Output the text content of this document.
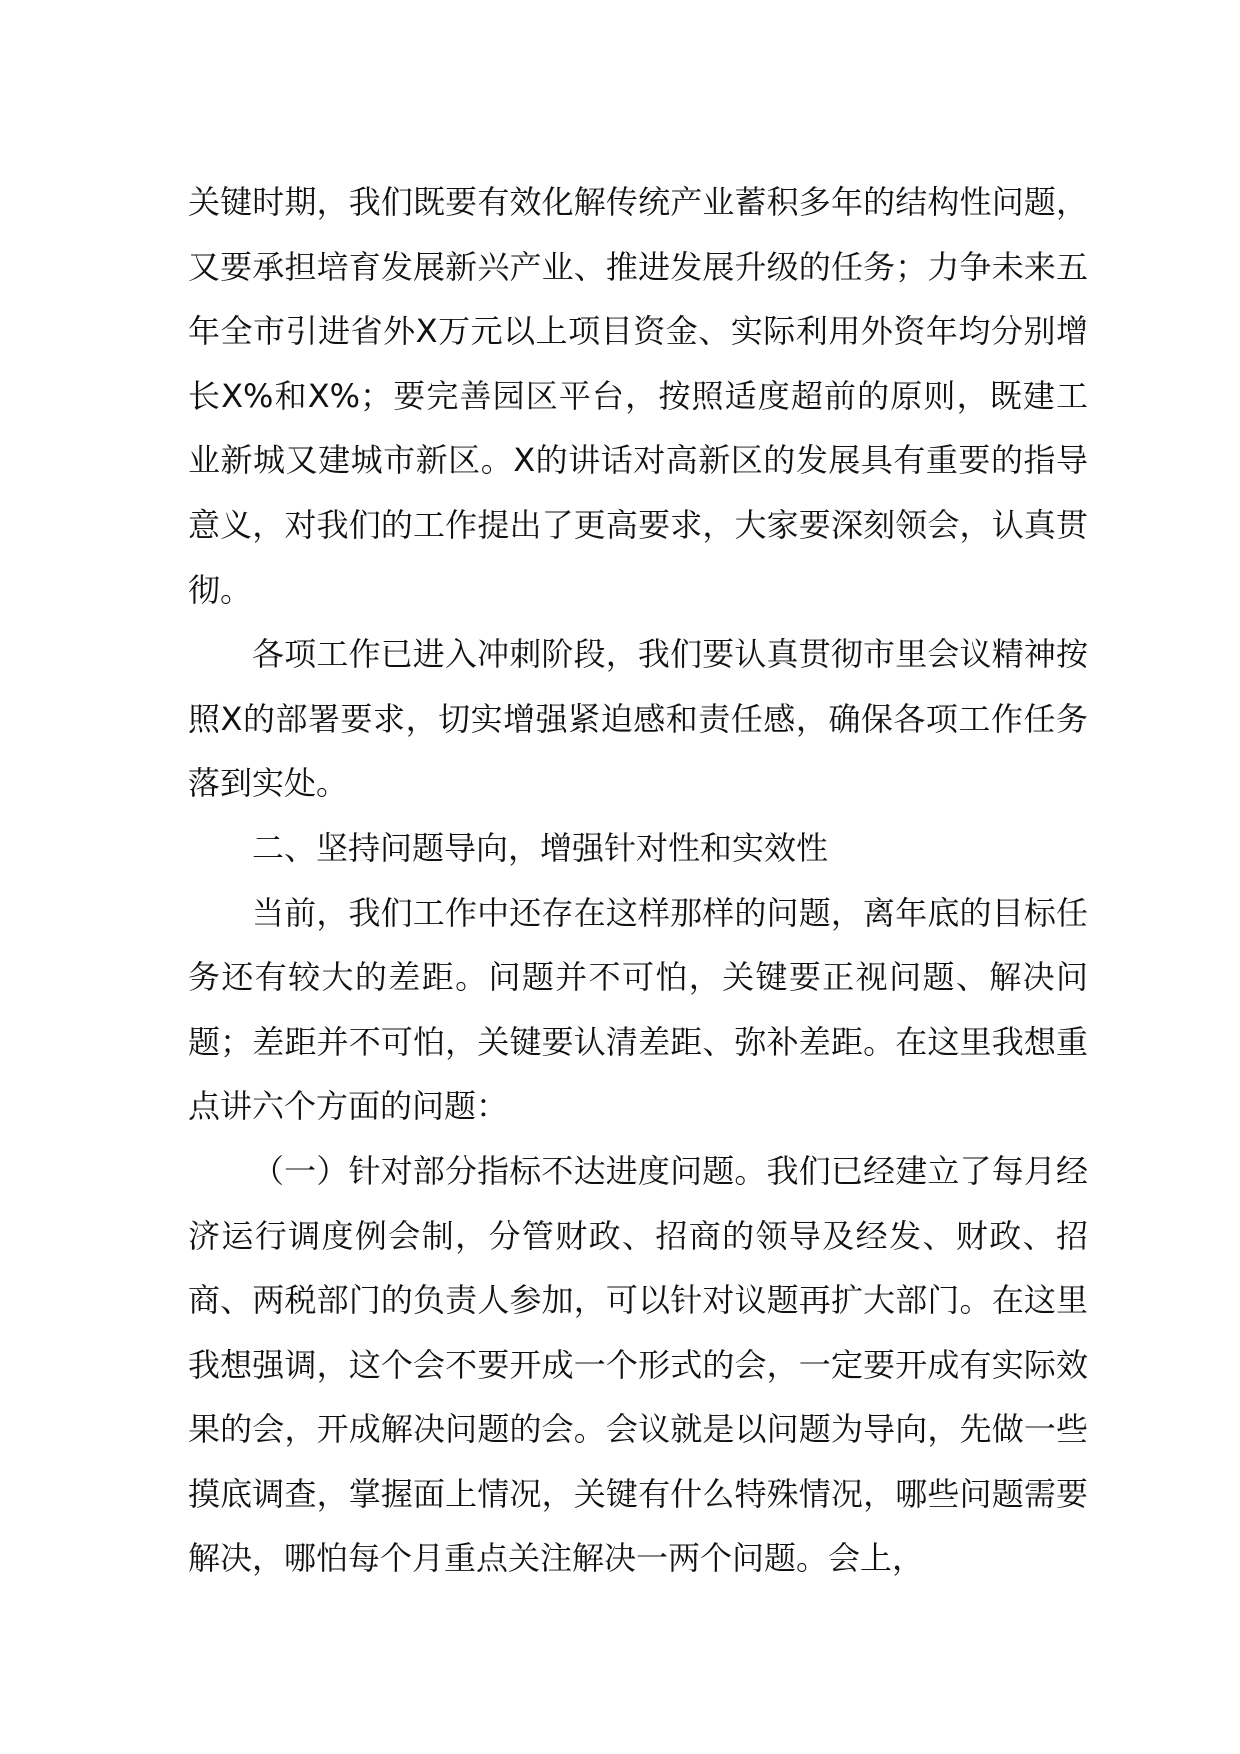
关键时期，我们既要有效化解传统产业蓄积多年的结构性问题，又要承担培育发展新兴产业、推进发展升级的任务；力争未来五年全市引进省外X万元以上项目资金、实际利用外资年均分别增长X%和X%；要完善园区平台，按照适度超前的原则，既建工业新城又建城市新区。X的讲话对高新区的发展具有重要的指导意义，对我们的工作提出了更高要求，大家要深刻领会，认真贯彻。

各项工作已进入冲刺阶段，我们要认真贯彻市里会议精神按照X的部署要求，切实增强紧迫感和责任感，确保各项工作任务落到实处。

二、坚持问题导向，增强针对性和实效性

当前，我们工作中还存在这样那样的问题，离年底的目标任务还有较大的差距。问题并不可怕，关键要正视问题、解决问题；差距并不可怕，关键要认清差距、弥补差距。在这里我想重点讲六个方面的问题：

（一）针对部分指标不达进度问题。我们已经建立了每月经济运行调度例会制，分管财政、招商的领导及经发、财政、招商、两税部门的负责人参加，可以针对议题再扩大部门。在这里我想强调，这个会不要开成一个形式的会，一定要开成有实际效果的会，开成解决问题的会。会议就是以问题为导向，先做一些摸底调查，掌握面上情况，关键有什么特殊情况，哪些问题需要解决，哪怕每个月重点关注解决一两个问题。会上，
